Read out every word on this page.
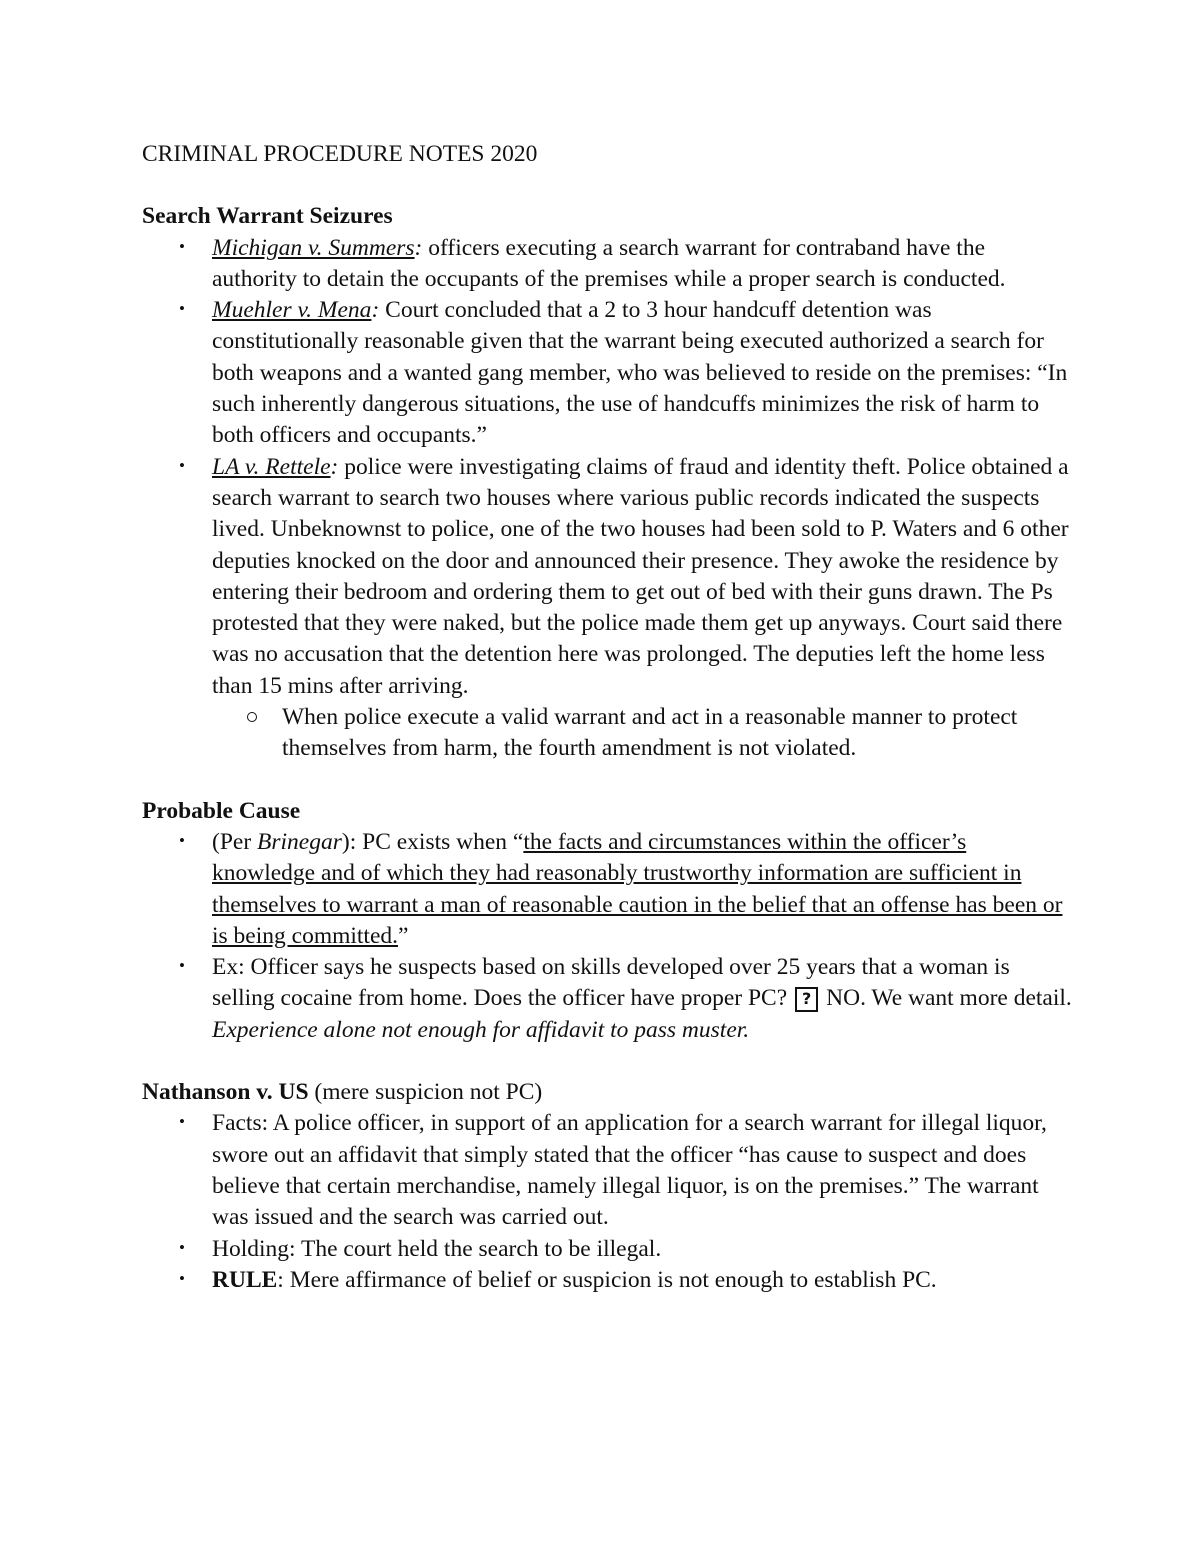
CRIMINAL PROCEDURE NOTES 2020
Search Warrant Seizures
• Michigan v. Summers: officers executing a search warrant for contraband have the authority to detain the occupants of the premises while a proper search is conducted.
• Muehler v. Mena: Court concluded that a 2 to 3 hour handcuff detention was constitutionally reasonable given that the warrant being executed authorized a search for both weapons and a wanted gang member, who was believed to reside on the premises: “In such inherently dangerous situations, the use of handcuffs minimizes the risk of harm to both officers and occupants.”
• LA v. Rettele: police were investigating claims of fraud and identity theft. Police obtained a search warrant to search two houses where various public records indicated the suspects lived. Unbeknownst to police, one of the two houses had been sold to P. Waters and 6 other deputies knocked on the door and announced their presence. They awoke the residence by entering their bedroom and ordering them to get out of bed with their guns drawn. The Ps protested that they were naked, but the police made them get up anyways. Court said there was no accusation that the detention here was prolonged. The deputies left the home less than 15 mins after arriving.
When police execute a valid warrant and act in a reasonable manner to protect themselves from harm, the fourth amendment is not violated.
Probable Cause
• (Per Brinegar): PC exists when “the facts and circumstances within the officer’s knowledge and of which they had reasonably trustworthy information are sufficient in themselves to warrant a man of reasonable caution in the belief that an offense has been or is being committed.”
• Ex: Officer says he suspects based on skills developed over 25 years that a woman is selling cocaine from home. Does the officer have proper PC? ? NO. We want more detail. Experience alone not enough for affidavit to pass muster.
Nathanson v. US (mere suspicion not PC)
• Facts: A police officer, in support of an application for a search warrant for illegal liquor, swore out an affidavit that simply stated that the officer “has cause to suspect and does believe that certain merchandise, namely illegal liquor, is on the premises.” The warrant was issued and the search was carried out.
• Holding: The court held the search to be illegal.
• RULE: Mere affirmance of belief or suspicion is not enough to establish PC.
